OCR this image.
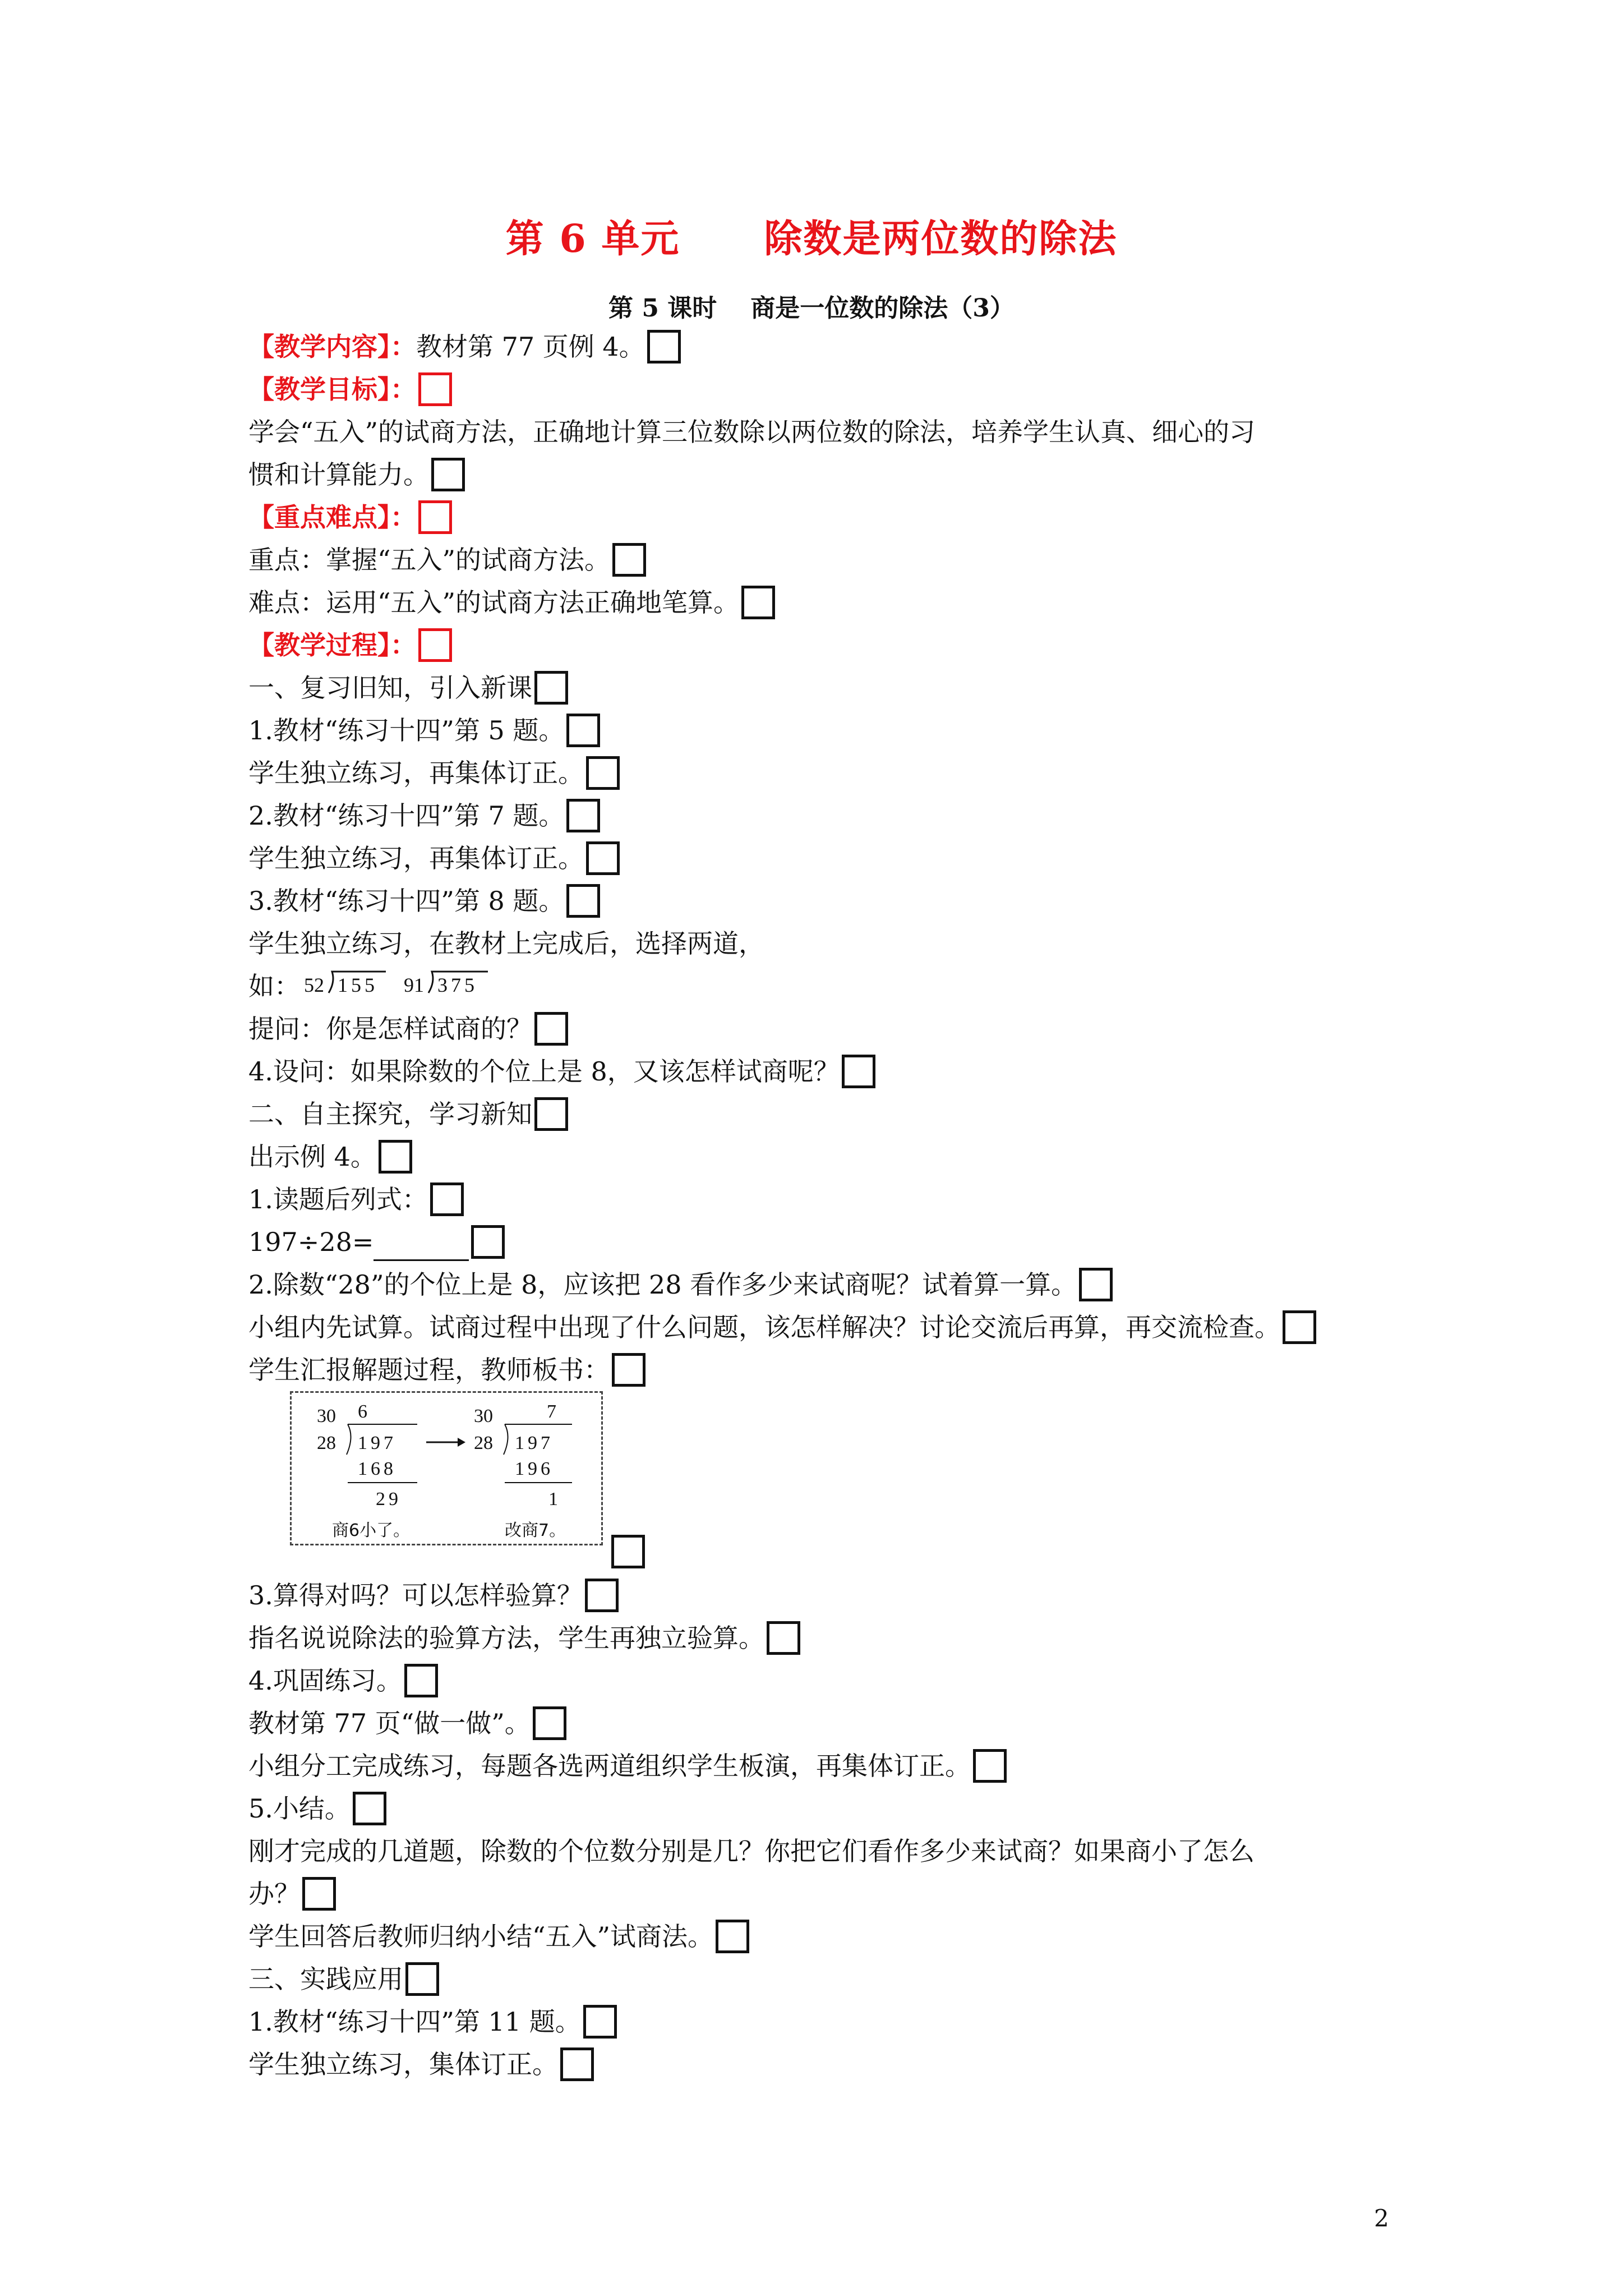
第 6 单元 除数是两位数的除法
第 5 课时 商是一位数的除法（3）
【教学内容】：教材第 77 页例 4。
【教学目标】：
学会“五入”的试商方法，正确地计算三位数除以两位数的除法，培养学生认真、细心的习
惯和计算能力。
【重点难点】：
重点：掌握“五入”的试商方法。
难点：运用“五入”的试商方法正确地笔算。
【教学过程】：
一、复习旧知，引入新课
1.教材“练习十四”第 5 题。
学生独立练习，再集体订正。
2.教材“练习十四”第 7 题。
学生独立练习，再集体订正。
3.教材“练习十四”第 8 题。
学生独立练习，在教材上完成后，选择两道，
如： 52 155 91 375
提问：你是怎样试商的？
4.设问：如果除数的个位上是 8，又该怎样试商呢？
二、自主探究，学习新知
出示例 4。
1.读题后列式：
197÷28=
2.除数“28”的个位上是 8，应该把 28 看作多少来试商呢？试着算一算。
小组内先试算。试商过程中出现了什么问题，该怎样解决？讨论交流后再算，再交流检查。
学生汇报解题过程，教师板书：
30 6
28 197
168
29
30	7
28 197
196
1
商6小了。	改商7。
3.算得对吗？可以怎样验算？
指名说说除法的验算方法，学生再独立验算。
4.巩固练习。
教材第 77 页“做一做”。
小组分工完成练习，每题各选两道组织学生板演，再集体订正。
5.小结。
刚才完成的几道题，除数的个位数分别是几？你把它们看作多少来试商？如果商小了怎么
办？
学生回答后教师归纳小结“五入”试商法。
三、实践应用
1.教材“练习十四”第 11 题。
学生独立练习，集体订正。
2
